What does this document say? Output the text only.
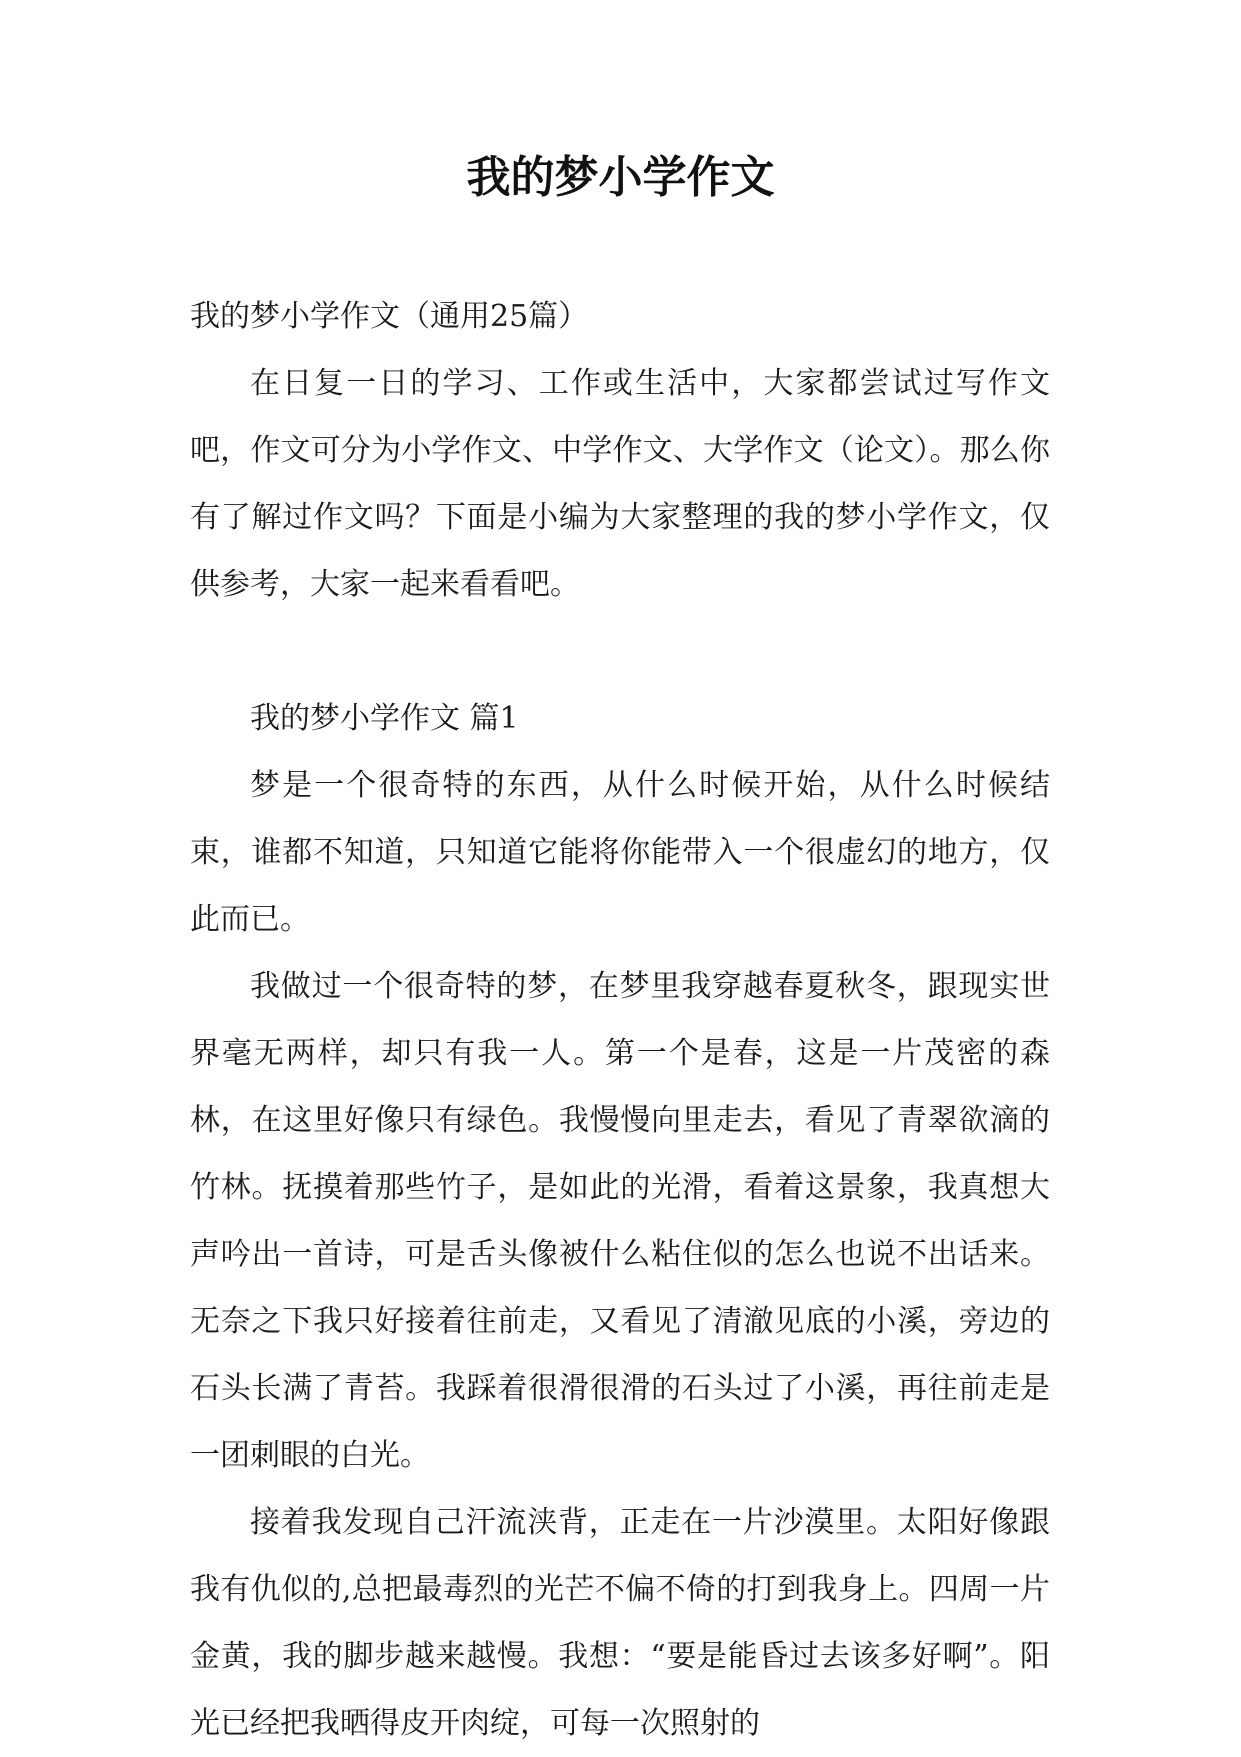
我的梦小学作文

我的梦小学作文（通用25篇）

在日复一日的学习、工作或生活中，大家都尝试过写作文吧，作文可分为小学作文、中学作文、大学作文（论文）。那么你有了解过作文吗？下面是小编为大家整理的我的梦小学作文，仅供参考，大家一起来看看吧。

我的梦小学作文 篇1

梦是一个很奇特的东西，从什么时候开始，从什么时候结束，谁都不知道，只知道它能将你能带入一个很虚幻的地方，仅此而已。

我做过一个很奇特的梦，在梦里我穿越春夏秋冬，跟现实世界毫无两样，却只有我一人。第一个是春，这是一片茂密的森林，在这里好像只有绿色。我慢慢向里走去，看见了青翠欲滴的竹林。抚摸着那些竹子，是如此的光滑，看着这景象，我真想大声吟出一首诗，可是舌头像被什么粘住似的怎么也说不出话来。无奈之下我只好接着往前走，又看见了清澈见底的小溪，旁边的石头长满了青苔。我踩着很滑很滑的石头过了小溪，再往前走是一团刺眼的白光。

接着我发现自己汗流浃背，正走在一片沙漠里。太阳好像跟我有仇似的,总把最毒烈的光芒不偏不倚的打到我身上。四周一片金黄，我的脚步越来越慢。我想：“要是能昏过去该多好啊”。阳光已经把我晒得皮开肉绽，可每一次照射的
